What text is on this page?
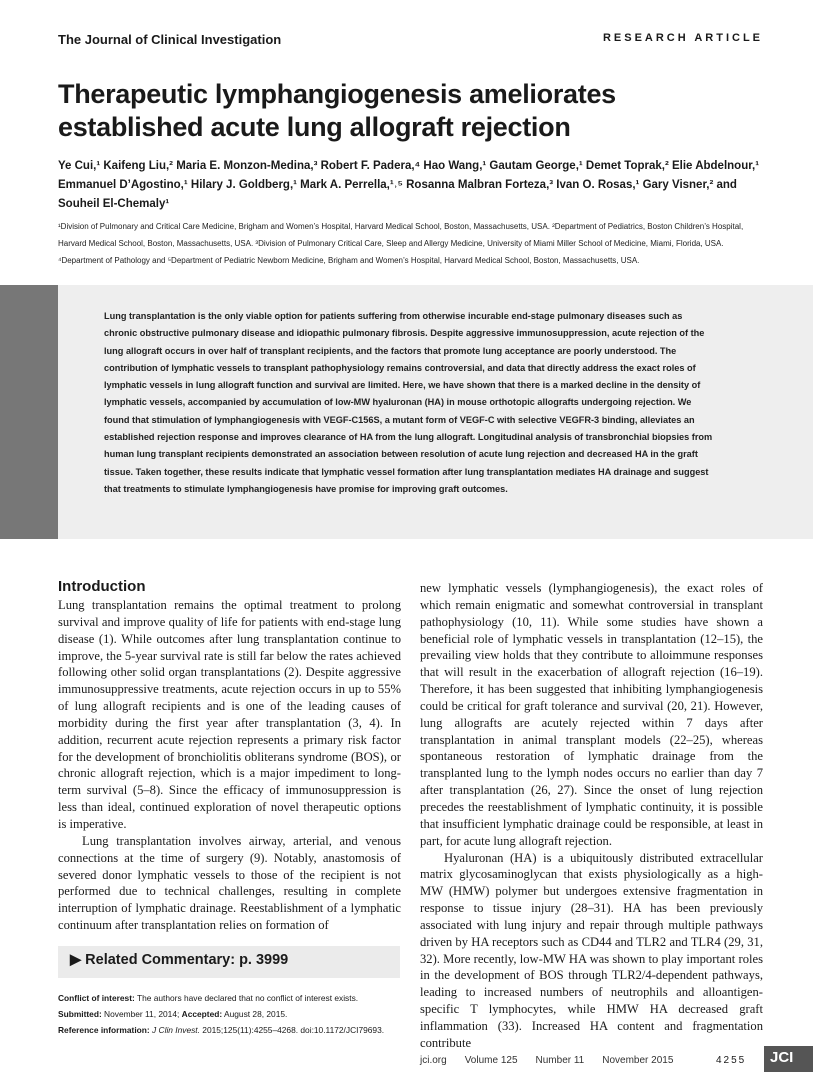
The Journal of Clinical Investigation	RESEARCH ARTICLE
Therapeutic lymphangiogenesis ameliorates established acute lung allograft rejection
Ye Cui,¹ Kaifeng Liu,² Maria E. Monzon-Medina,³ Robert F. Padera,⁴ Hao Wang,¹ Gautam George,¹ Demet Toprak,² Elie Abdelnour,¹ Emmanuel D’Agostino,¹ Hilary J. Goldberg,¹ Mark A. Perrella,¹˒⁵ Rosanna Malbran Forteza,³ Ivan O. Rosas,¹ Gary Visner,² and Souheil El-Chemaly¹
¹Division of Pulmonary and Critical Care Medicine, Brigham and Women’s Hospital, Harvard Medical School, Boston, Massachusetts, USA. ²Department of Pediatrics, Boston Children’s Hospital, Harvard Medical School, Boston, Massachusetts, USA. ³Division of Pulmonary Critical Care, Sleep and Allergy Medicine, University of Miami Miller School of Medicine, Miami, Florida, USA. ⁴Department of Pathology and ⁵Department of Pediatric Newborn Medicine, Brigham and Women’s Hospital, Harvard Medical School, Boston, Massachusetts, USA.
Lung transplantation is the only viable option for patients suffering from otherwise incurable end-stage pulmonary diseases such as chronic obstructive pulmonary disease and idiopathic pulmonary fibrosis. Despite aggressive immunosuppression, acute rejection of the lung allograft occurs in over half of transplant recipients, and the factors that promote lung acceptance are poorly understood. The contribution of lymphatic vessels to transplant pathophysiology remains controversial, and data that directly address the exact roles of lymphatic vessels in lung allograft function and survival are limited. Here, we have shown that there is a marked decline in the density of lymphatic vessels, accompanied by accumulation of low-MW hyaluronan (HA) in mouse orthotopic allografts undergoing rejection. We found that stimulation of lymphangiogenesis with VEGF-C156S, a mutant form of VEGF-C with selective VEGFR-3 binding, alleviates an established rejection response and improves clearance of HA from the lung allograft. Longitudinal analysis of transbronchial biopsies from human lung transplant recipients demonstrated an association between resolution of acute lung rejection and decreased HA in the graft tissue. Taken together, these results indicate that lymphatic vessel formation after lung transplantation mediates HA drainage and suggest that treatments to stimulate lymphangiogenesis have promise for improving graft outcomes.
Introduction

Lung transplantation remains the optimal treatment to prolong survival and improve quality of life for patients with end-stage lung disease (1). While outcomes after lung transplantation continue to improve, the 5-year survival rate is still far below the rates achieved following other solid organ transplantations (2). Despite aggressive immunosuppressive treatments, acute rejection occurs in up to 55% of lung allograft recipients and is one of the leading causes of morbidity during the first year after transplantation (3, 4). In addition, recurrent acute rejection represents a primary risk factor for the development of bronchiolitis obliterans syndrome (BOS), or chronic allograft rejection, which is a major impediment to long-term survival (5–8). Since the efficacy of immunosuppression is less than ideal, continued exploration of novel therapeutic options is imperative.

Lung transplantation involves airway, arterial, and venous connections at the time of surgery (9). Notably, anastomosis of severed donor lymphatic vessels to those of the recipient is not performed due to technical challenges, resulting in complete interruption of lymphatic drainage. Reestablishment of a lymphatic continuum after transplantation relies on formation of

new lymphatic vessels (lymphangiogenesis), the exact roles of which remain enigmatic and somewhat controversial in transplant pathophysiology (10, 11). While some studies have shown a beneficial role of lymphatic vessels in transplantation (12–15), the prevailing view holds that they contribute to alloimmune responses that will result in the exacerbation of allograft rejection (16–19). Therefore, it has been suggested that inhibiting lymphangiogenesis could be critical for graft tolerance and survival (20, 21). However, lung allografts are acutely rejected within 7 days after transplantation in animal transplant models (22–25), whereas spontaneous restoration of lymphatic drainage from the transplanted lung to the lymph nodes occurs no earlier than day 7 after transplantation (26, 27). Since the onset of lung rejection precedes the reestablishment of lymphatic continuity, it is possible that insufficient lymphatic drainage could be responsible, at least in part, for acute lung allograft rejection.

Hyaluronan (HA) is a ubiquitously distributed extracellular matrix glycosaminoglycan that exists physiologically as a high-MW (HMW) polymer but undergoes extensive fragmentation in response to tissue injury (28–31). HA has been previously associated with lung injury and repair through multiple pathways driven by HA receptors such as CD44 and TLR2 and TLR4 (29, 31, 32). More recently, low-MW HA was shown to play important roles in the development of BOS through TLR2/4-dependent pathways, leading to increased numbers of neutrophils and alloantigen-specific T lymphocytes, while HMW HA decreased graft inflammation (33). Increased HA content and fragmentation contribute

▶ Related Commentary: p. 3999
Conflict of interest: The authors have declared that no conflict of interest exists.
Submitted: November 11, 2014; Accepted: August 28, 2015.
Reference information: J Clin Invest. 2015;125(11):4255–4268. doi:10.1172/JCI79693.
jci.org Volume 125 Number 11 November 2015	4255	JCI
